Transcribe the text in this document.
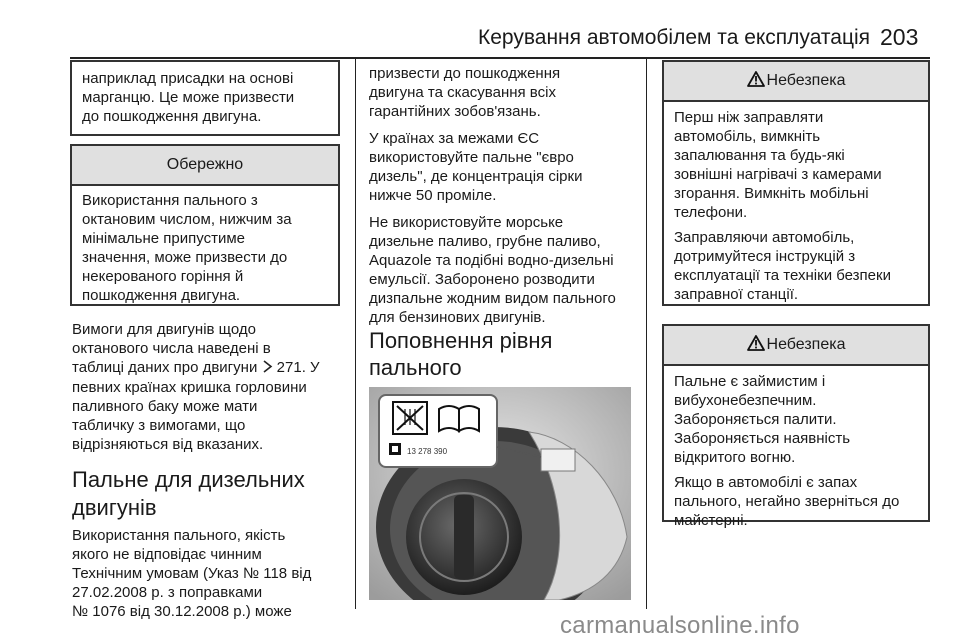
Керування автомобілем та експлуатація 203
наприклад присадки на основі
марганцю. Це може призвести
до пошкодження двигуна.
Обережно
Використання пального з
октановим числом, нижчим за
мінімальне припустиме
значення, може призвести до
некерованого горіння й
пошкодження двигуна.
Вимоги для двигунів щодо
октанового числа наведені в
таблиці даних про двигуни 271. У
певних країнах кришка горловини
паливного баку може мати
табличку з вимогами, що
відрізняються від вказаних.
Пальне для дизельних
двигунів
Використання пального, якість
якого не відповідає чинним
Технічним умовам (Указ № 118 від
27.02.2008 р. з поправками
№ 1076 від 30.12.2008 р.) може
призвести до пошкодження
двигуна та скасування всіх
гарантійних зобов'язань.
У країнах за межами ЄС
використовуйте пальне "євро
дизель", де концентрація сірки
нижче 50 проміле.
Не використовуйте морське
дизельне паливо, грубне паливо,
Aquazole та подібні водно-дизельні
емульсії. Заборонено розводити
дизпальне жодним видом пального
для бензинових двигунів.
Поповнення рівня
пального
13 278 390
Небезпека

Перш ніж заправляти
автомобіль, вимкніть
запалювання та будь-які
зовнішні нагрівачі з камерами
згорання. Вимкніть мобільні
телефони.

Заправляючи автомобіль,
дотримуйтеся інструкцій з
експлуатації та техніки безпеки
заправної станції.

Небезпека

Пальне є займистим і
вибухонебезпечним.
Забороняється палити.
Забороняється наявність
відкритого вогню.

Якщо в автомобілі є запах
пального, негайно зверніться до
майстерні.

carmanualsonline.info
